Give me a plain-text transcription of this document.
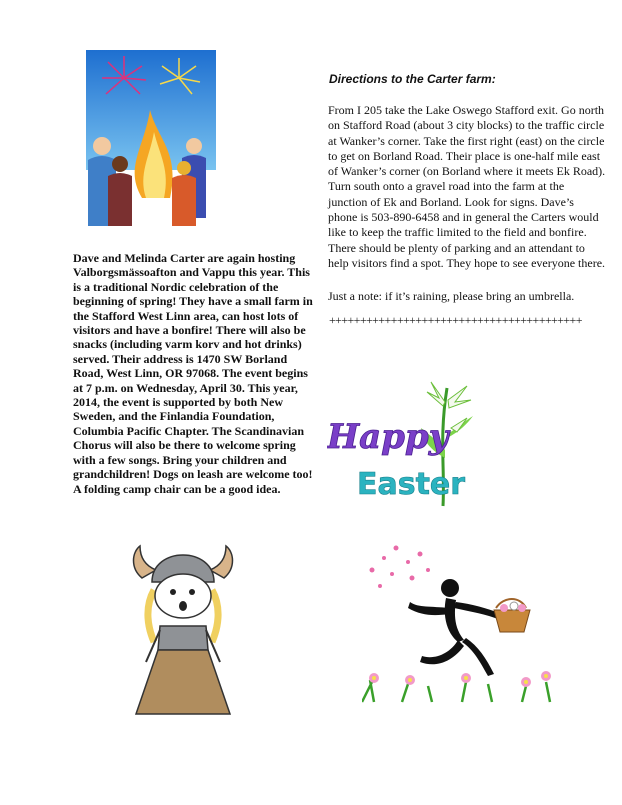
Dave and Melinda Carter are again hosting Valborgsmässoafton and Vappu this year. This is a traditional Nordic celebration of the beginning of spring! They have a small farm in the Stafford West Linn area, can host lots of visitors and have a bonfire! There will also be snacks (including varm korv and hot drinks) served. Their address is 1470 SW Borland Road, West Linn, OR 97068. The event begins at 7 p.m. on Wednesday, April 30. This year, 2014, the event is supported by both New Sweden, and the Finlandia Foundation, Columbia Pacific Chapter. The Scandinavian Chorus will also be there to welcome spring with a few songs. Bring your children and grandchildren! Dogs on leash are welcome too! A folding camp chair can be a good idea.
Directions to the Carter farm:

From I 205 take the Lake Oswego Stafford exit. Go north on Stafford Road (about 3 city blocks) to the traffic circle at Wanker’s corner. Take the first right (east) on the circle to get on Borland Road. Their place is one-half mile east of Wanker’s corner (on Borland where it meets Ek Road). Turn south onto a gravel road into the farm at the junction of Ek and Borland. Look for signs. Dave’s phone is 503-890-6458 and in general the Carters would like to keep the traffic limited to the field and bonfire. There should be plenty of parking and an attendant to help visitors find a spot. They hope to see everyone there.

Just a note: if it’s raining, please bring an umbrella.

+++++++++++++++++++++++++++++++++++++++++
Happy
Easter
